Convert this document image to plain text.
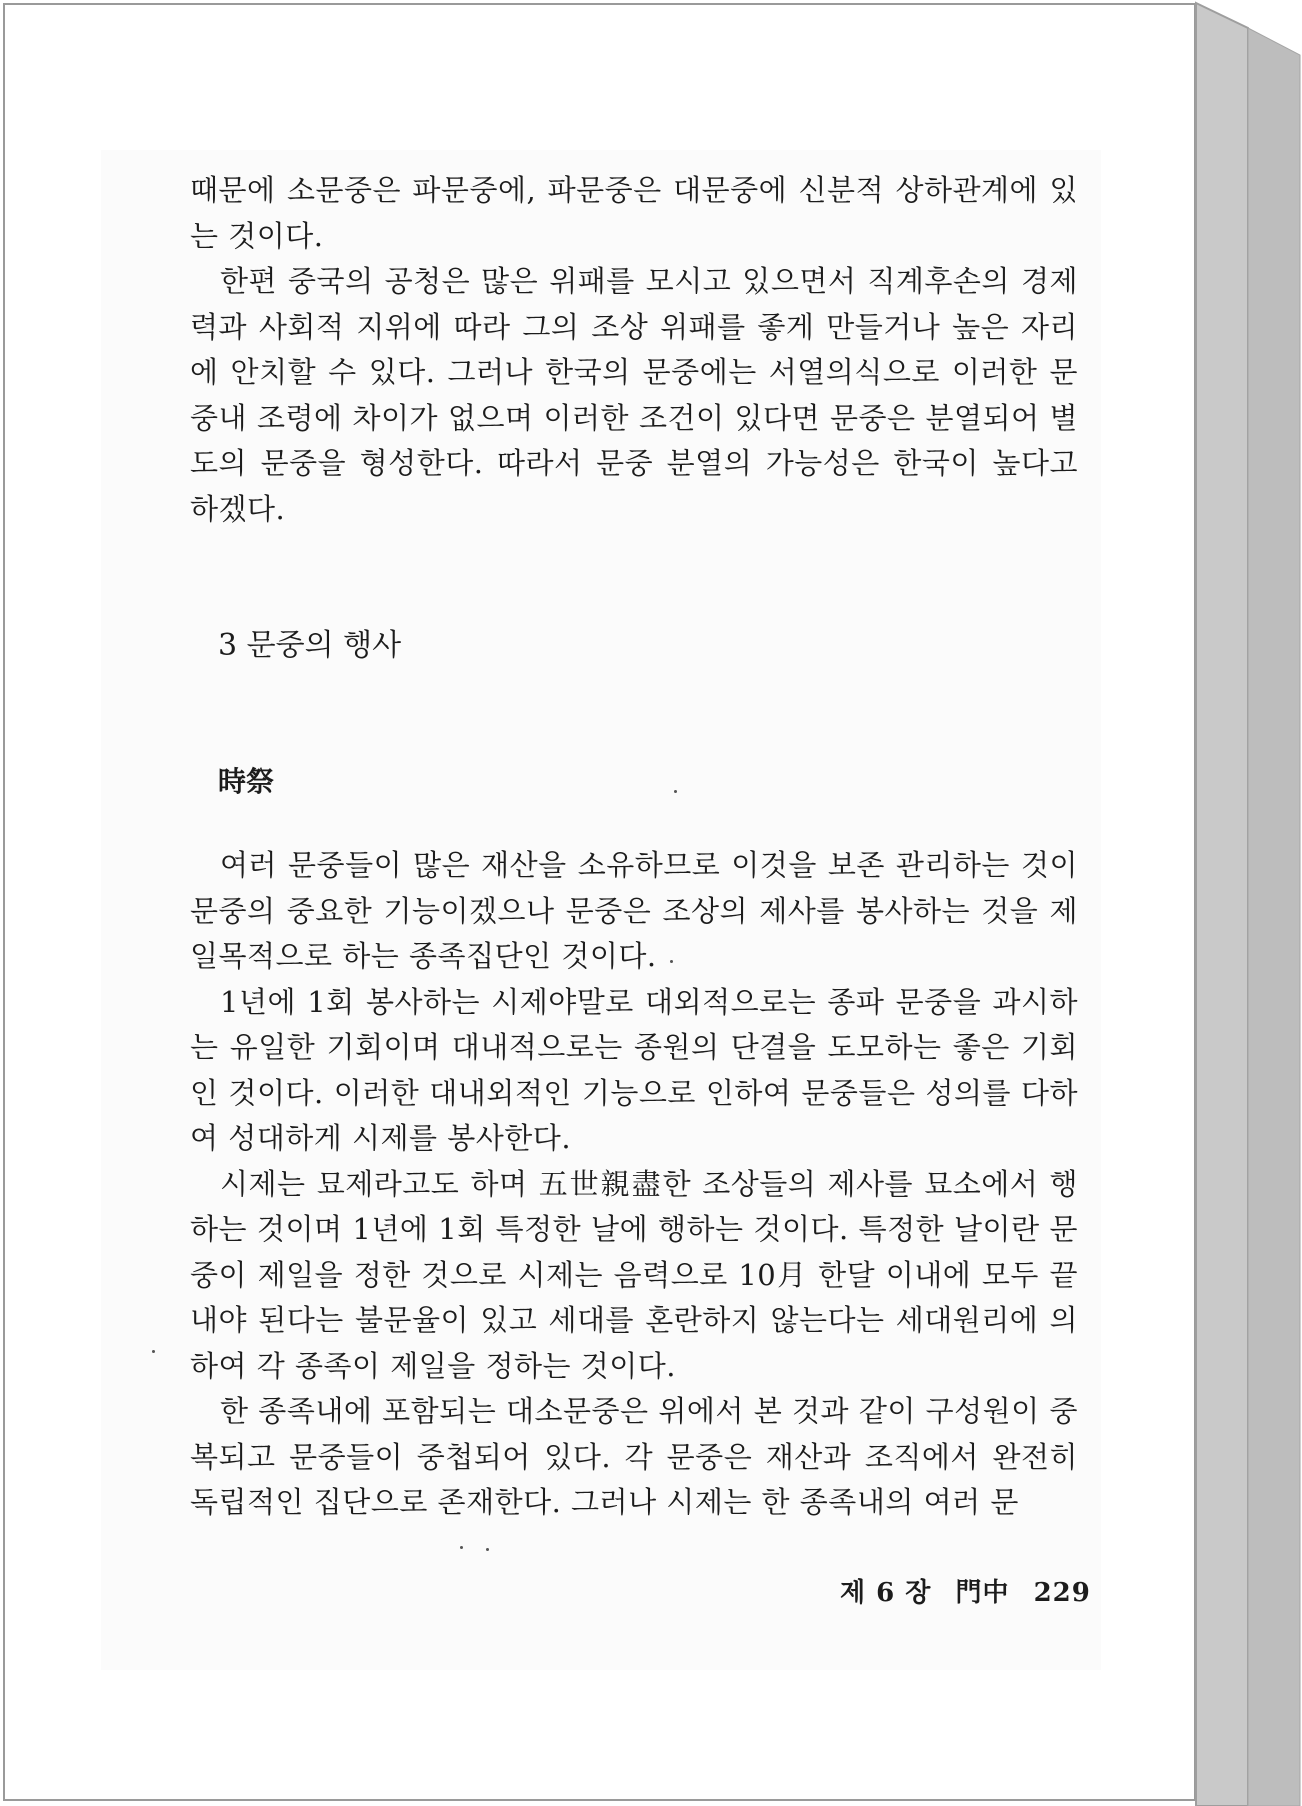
때문에 소문중은 파문중에, 파문중은 대문중에 신분적 상하관계에 있는 것이다.

한편 중국의 공청은 많은 위패를 모시고 있으면서 직계후손의 경제력과 사회적 지위에 따라 그의 조상 위패를 좋게 만들거나 높은 자리에 안치할 수 있다. 그러나 한국의 문중에는 서열의식으로 이러한 문중내 조령에 차이가 없으며 이러한 조건이 있다면 문중은 분열되어 별도의 문중을 형성한다. 따라서 문중 분열의 가능성은 한국이 높다고 하겠다.

3 문중의 행사
時祭

여러 문중들이 많은 재산을 소유하므로 이것을 보존 관리하는 것이 문중의 중요한 기능이겠으나 문중은 조상의 제사를 봉사하는 것을 제일목적으로 하는 종족집단인 것이다.

1년에 1회 봉사하는 시제야말로 대외적으로는 종파 문중을 과시하는 유일한 기회이며 대내적으로는 종원의 단결을 도모하는 좋은 기회인 것이다. 이러한 대내외적인 기능으로 인하여 문중들은 성의를 다하여 성대하게 시제를 봉사한다.

시제는 묘제라고도 하며 五世親盡한 조상들의 제사를 묘소에서 행하는 것이며 1년에 1회 특정한 날에 행하는 것이다. 특정한 날이란 문중이 제일을 정한 것으로 시제는 음력으로 10月 한달 이내에 모두 끝내야 된다는 불문율이 있고 세대를 혼란하지 않는다는 세대원리에 의하여 각 종족이 제일을 정하는 것이다.

한 종족내에 포함되는 대소문중은 위에서 본 것과 같이 구성원이 중복되고 문중들이 중첩되어 있다. 각 문중은 재산과 조직에서 완전히 독립적인 집단으로 존재한다. 그러나 시제는 한 종족내의 여러 문

제 6 장 門中 229
